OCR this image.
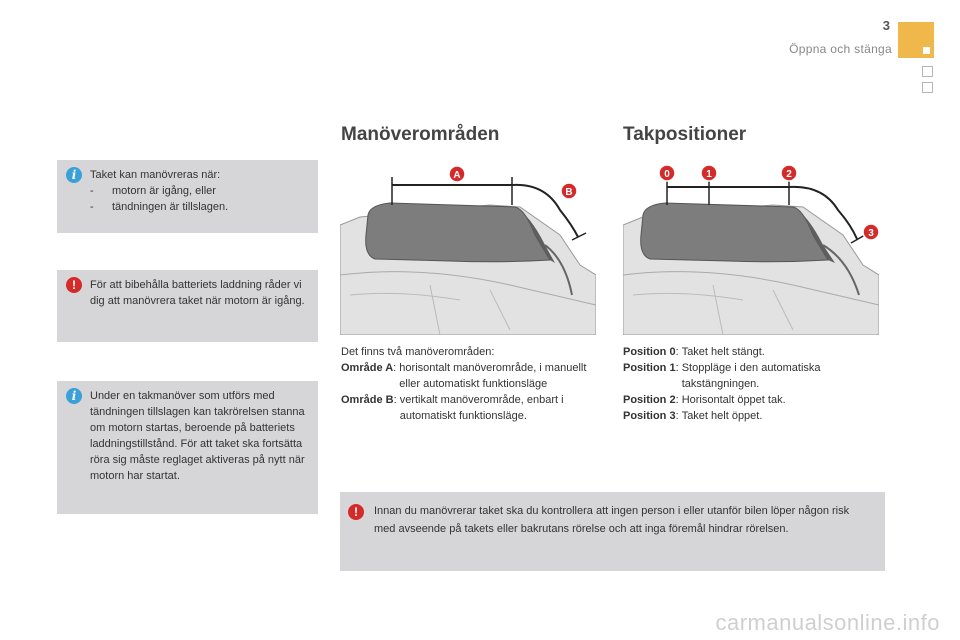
3
Öppna och stänga
i	Taket kan manövreras när:
-	motorn är igång, eller
-	tändningen är tillslagen.
!	För att bibehålla batteriets laddning råder vi dig att manövrera taket när motorn är igång.
i	Under en takmanöver som utförs med tändningen tillslagen kan takrörelsen stanna om motorn startas, beroende på batteriets laddningstillstånd. För att taket ska fortsätta röra sig måste reglaget aktiveras på nytt när motorn har startat.
Manöverområden	Takpositioner
A
B
0	1	2
3
Det finns två manöverområden:
Område A: horisontalt manöverområde, i manuellt eller automatiskt funktionsläge
Område B: vertikalt manöverområde, enbart i automatiskt funktionsläge.
Position 0: Taket helt stängt.
Position 1: Stoppläge i den automatiska takstängningen.
Position 2: Horisontalt öppet tak.
Position 3: Taket helt öppet.
!	Innan du manövrerar taket ska du kontrollera att ingen person i eller utanför bilen löper någon risk med avseende på takets eller bakrutans rörelse och att inga föremål hindrar rörelsen.
carmanualsonline.info
